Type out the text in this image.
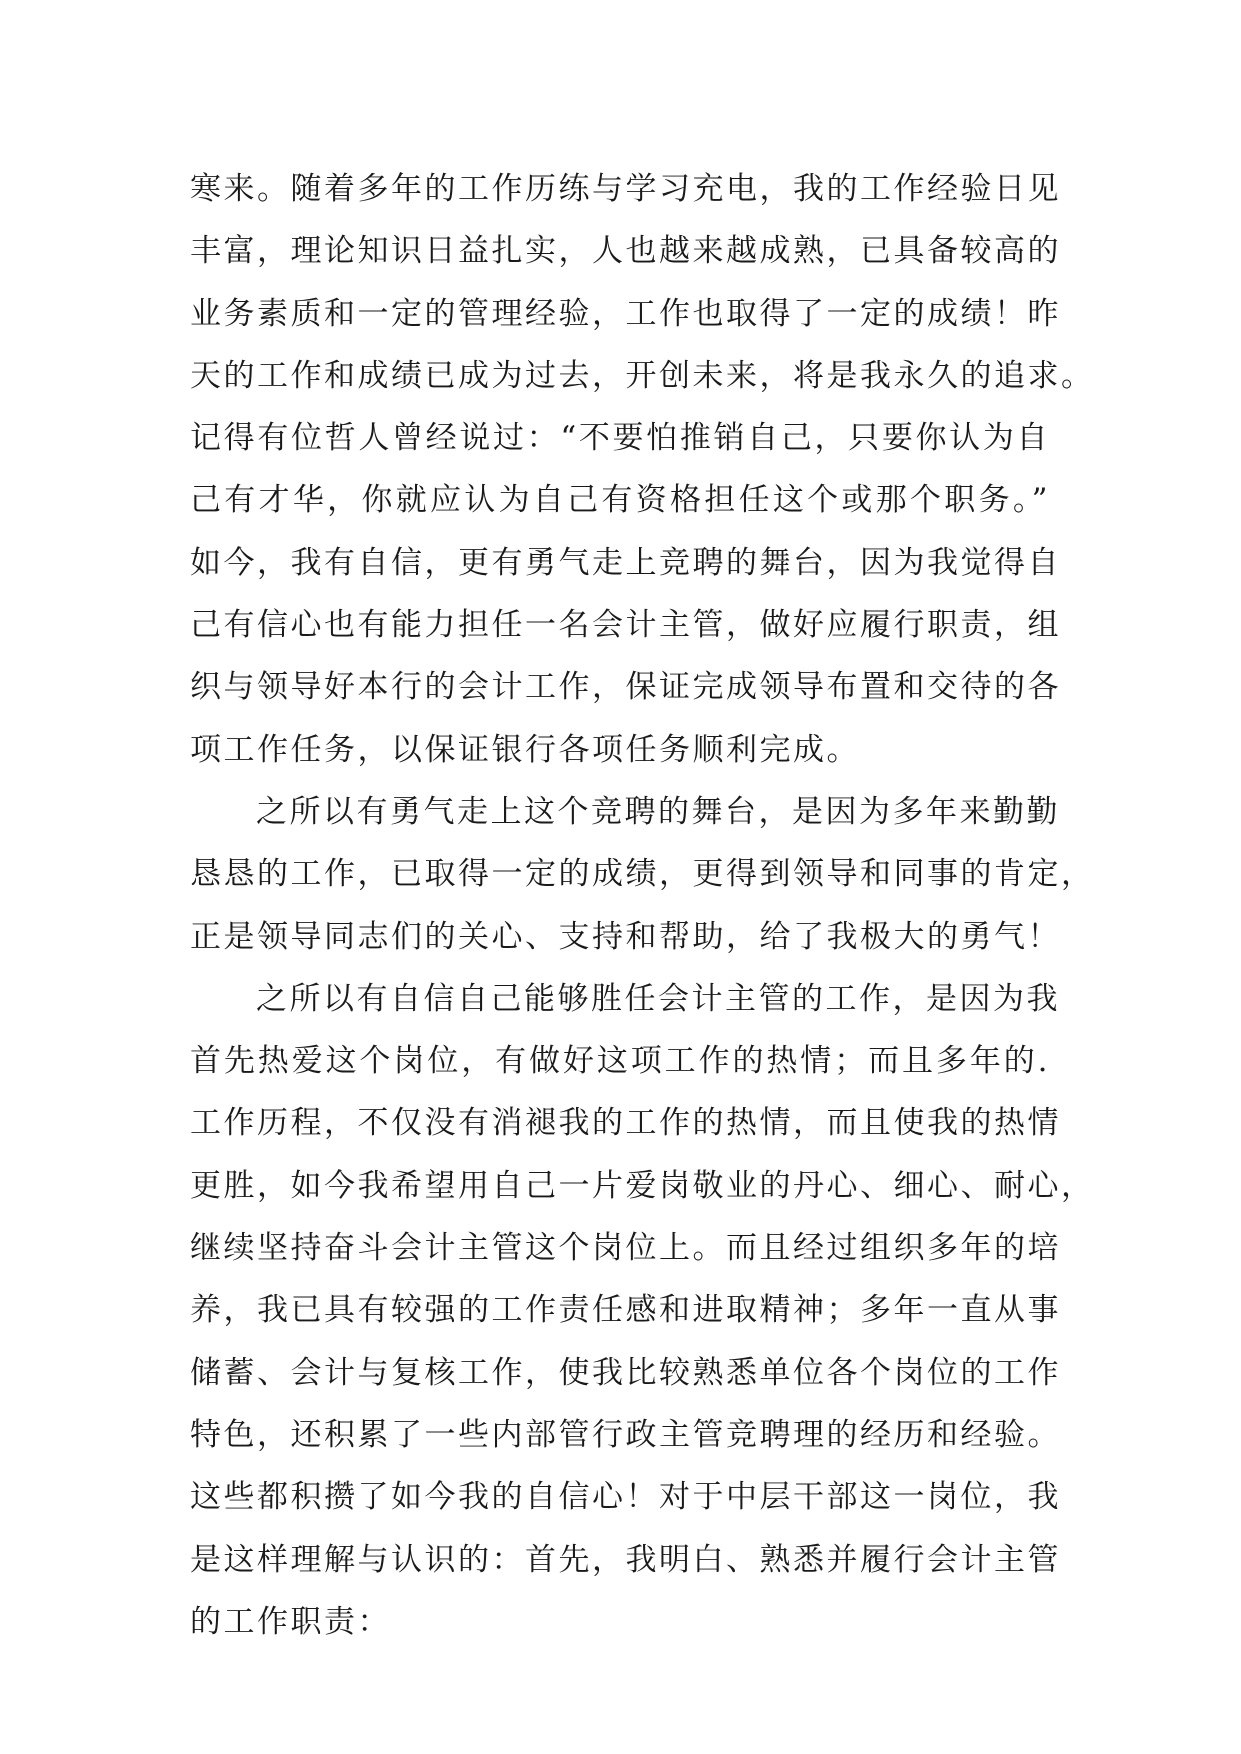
寒来。随着多年的工作历练与学习充电，我的工作经验日见
丰富，理论知识日益扎实，人也越来越成熟，已具备较高的
业务素质和一定的管理经验，工作也取得了一定的成绩！昨
天的工作和成绩已成为过去，开创未来，将是我永久的追求。
记得有位哲人曾经说过：“不要怕推销自己，只要你认为自
己有才华，你就应认为自己有资格担任这个或那个职务。”
如今，我有自信，更有勇气走上竞聘的舞台，因为我觉得自
己有信心也有能力担任一名会计主管，做好应履行职责，组
织与领导好本行的会计工作，保证完成领导布置和交待的各
项工作任务，以保证银行各项任务顺利完成。

之所以有勇气走上这个竞聘的舞台，是因为多年来勤勤
恳恳的工作，已取得一定的成绩，更得到领导和同事的肯定，
正是领导同志们的关心、支持和帮助，给了我极大的勇气！

之所以有自信自己能够胜任会计主管的工作，是因为我
首先热爱这个岗位，有做好这项工作的热情；而且多年的.
工作历程，不仅没有消褪我的工作的热情，而且使我的热情
更胜，如今我希望用自己一片爱岗敬业的丹心、细心、耐心，
继续坚持奋斗会计主管这个岗位上。而且经过组织多年的培
养，我已具有较强的工作责任感和进取精神；多年一直从事
储蓄、会计与复核工作，使我比较熟悉单位各个岗位的工作
特色，还积累了一些内部管行政主管竞聘理的经历和经验。
这些都积攒了如今我的自信心！对于中层干部这一岗位，我
是这样理解与认识的：首先，我明白、熟悉并履行会计主管
的工作职责：
